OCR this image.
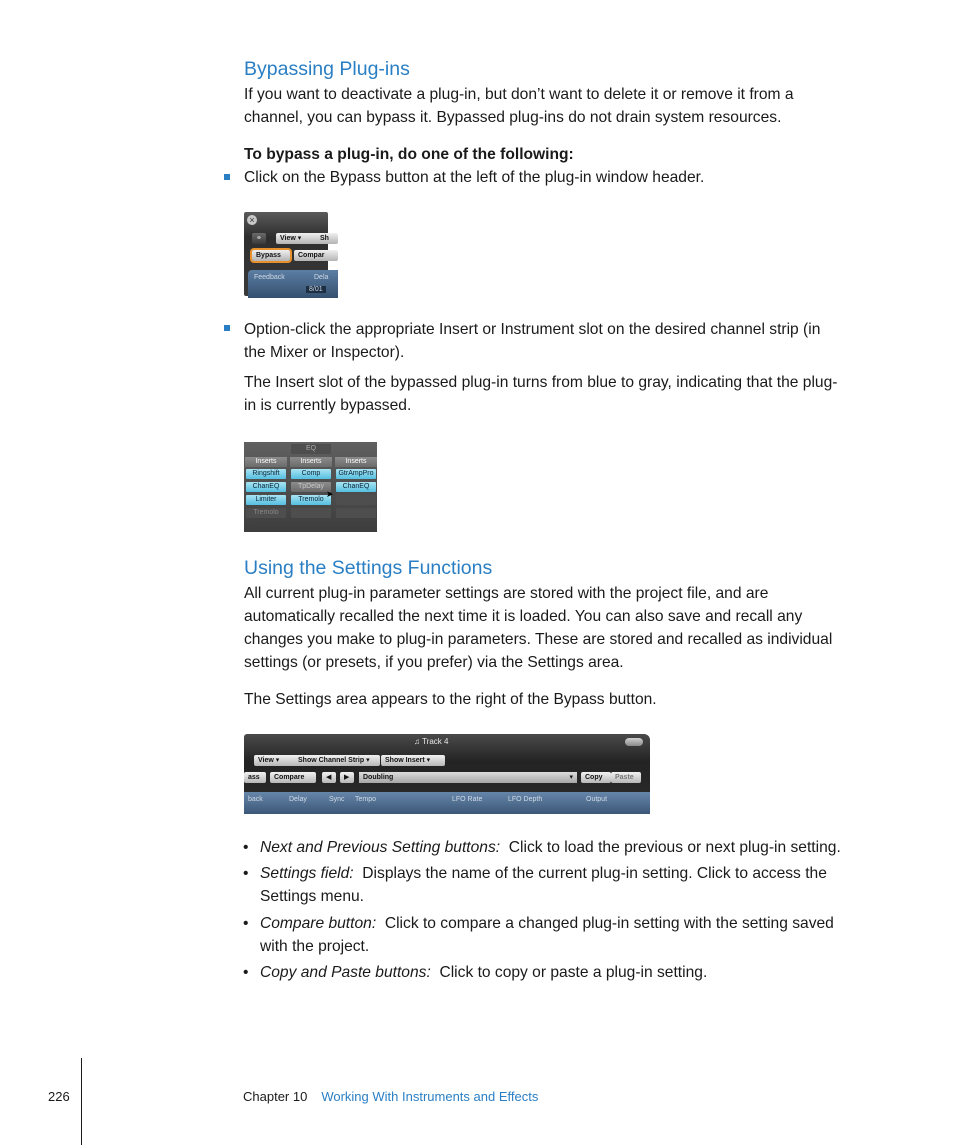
Bypassing Plug-ins

If you want to deactivate a plug-in, but don’t want to delete it or remove it from a

channel, you can bypass it. Bypassed plug-ins do not drain system resources.

To bypass a plug-in, do one of the following:

Click on the Bypass button at the left of the plug-in window header.

×
⚭	View ▾	Sh
Bypass	Compar
Feedback	Dela
8/01

Option-click the appropriate Insert or Instrument slot on the desired channel strip (in

the Mixer or Inspector).

The Insert slot of the bypassed plug-in turns from blue to gray, indicating that the plug-

in is currently bypassed.

Inserts
Ringshift
ChanEQ
Limiter
Tremolo
EQ
Inserts
Comp
TpDelay
Tremolo
➤
Inserts
GtrAmpPro
ChanEQ
Using the Settings Functions

All current plug-in parameter settings are stored with the project file, and are

automatically recalled the next time it is loaded. You can also save and recall any

changes you make to plug-in parameters. These are stored and recalled as individual

settings (or presets, if you prefer) via the Settings area.

The Settings area appears to the right of the Bypass button.

♫ Track 4
View ▾	Show Channel Strip ▾	Show Insert ▾
ass	Compare	◀	▶	Doubling	▾	Copy	Paste
back	Delay	Sync Tempo	LFO Rate	LFO Depth	Output
• Next and Previous Setting buttons: Click to load the previous or next plug-in setting.

• Settings field: Displays the name of the current plug-in setting. Click to access the

Settings menu.

• Compare button: Click to compare a changed plug-in setting with the setting saved

with the project.

• Copy and Paste buttons: Click to copy or paste a plug-in setting.

226	Chapter 10 Working With Instruments and Effects
